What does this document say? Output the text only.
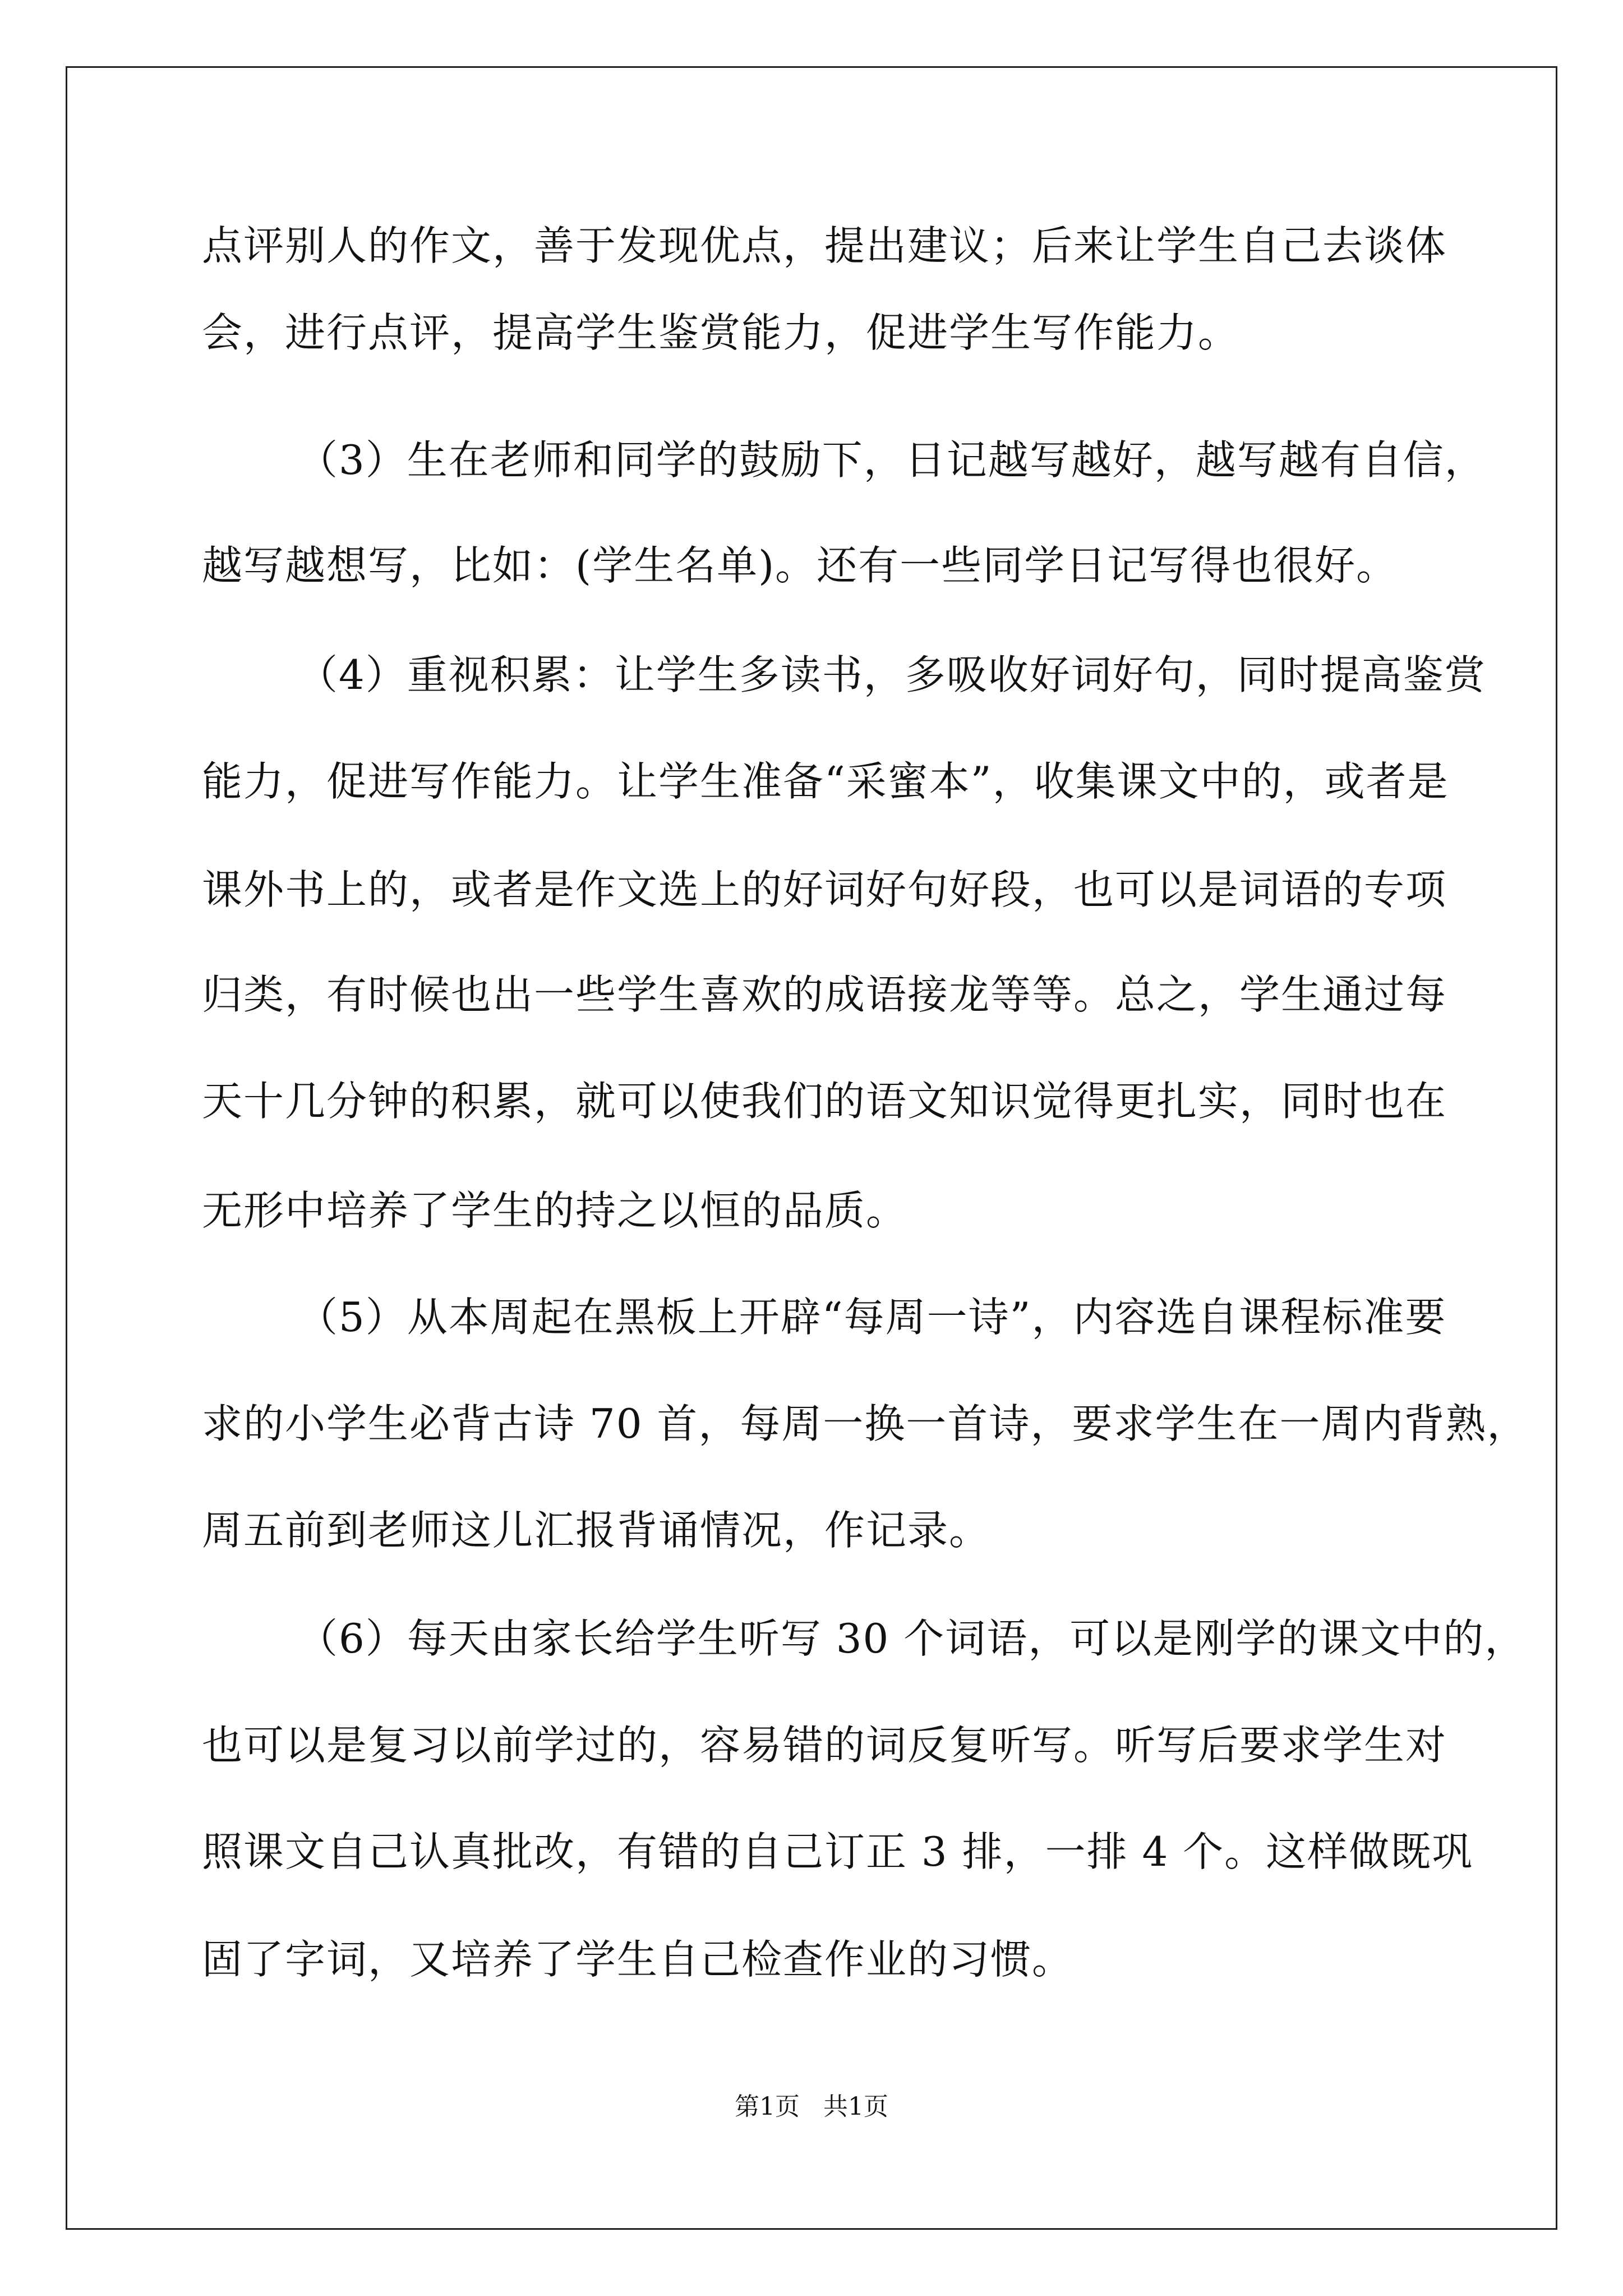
点评别人的作文，善于发现优点，提出建议；后来让学生自己去谈体
会，进行点评，提高学生鉴赏能力，促进学生写作能力。
（3）生在老师和同学的鼓励下，日记越写越好，越写越有自信，
越写越想写，比如：(学生名单)。还有一些同学日记写得也很好。
（4）重视积累：让学生多读书，多吸收好词好句，同时提高鉴赏
能力，促进写作能力。让学生准备“采蜜本”，收集课文中的，或者是
课外书上的，或者是作文选上的好词好句好段，也可以是词语的专项
归类，有时候也出一些学生喜欢的成语接龙等等。总之，学生通过每
天十几分钟的积累，就可以使我们的语文知识觉得更扎实，同时也在
无形中培养了学生的持之以恒的品质。
（5）从本周起在黑板上开辟“每周一诗”，内容选自课程标准要
求的小学生必背古诗 70 首，每周一换一首诗，要求学生在一周内背熟，
周五前到老师这儿汇报背诵情况，作记录。
（6）每天由家长给学生听写 30 个词语，可以是刚学的课文中的，
也可以是复习以前学过的，容易错的词反复听写。听写后要求学生对
照课文自己认真批改，有错的自己订正 3 排，一排 4 个。这样做既巩
固了字词，又培养了学生自己检查作业的习惯。
第1页   共1页
